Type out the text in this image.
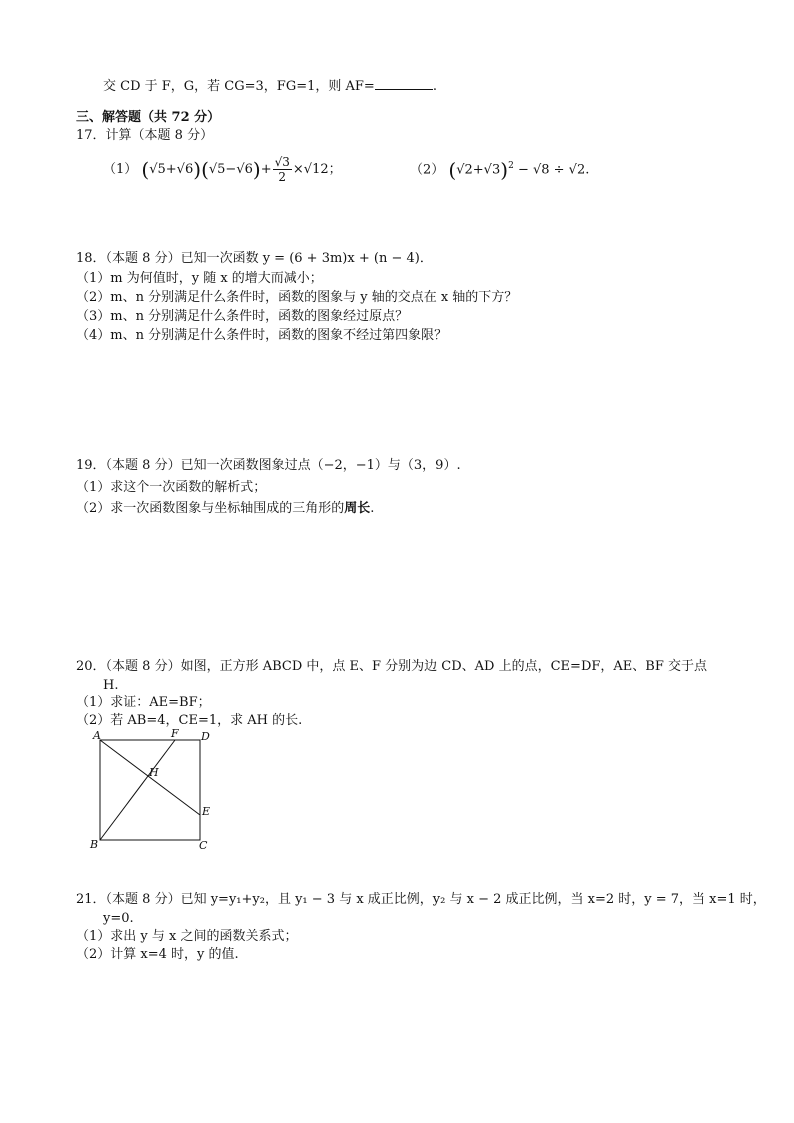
交 CD 于 F，G，若 CG=3，FG=1，则 AF=	.
三、解答题（共 72 分）
17．计算（本题 8 分）
（1） $(√5+√6)(√5-√6)+ \frac{√3}{2} \times√12$；	（2） $(√2+√3)^2 - √8 \div √2$.
18．（本题 8 分）已知一次函数 y = (6 + 3m)x + (n − 4)．
（1）m 为何值时，y 随 x 的增大而减小；
（2）m、n 分别满足什么条件时，函数的图象与 y 轴的交点在 x 轴的下方？
（3）m、n 分别满足什么条件时，函数的图象经过原点？
（4）m、n 分别满足什么条件时，函数的图象不经过第四象限？
19．（本题 8 分）已知一次函数图象过点（−2，−1）与（3，9）.
（1）求这个一次函数的解析式；
（2）求一次函数图象与坐标轴围成的三角形的周长.
20．（本题 8 分）如图，正方形 ABCD 中，点 E、F 分别为边 CD、AD 上的点，CE=DF，AE、BF 交于点
H.
（1）求证：AE=BF；
（2）若 AB=4，CE=1，求 AH 的长.
A	F D
H
E
B	C
21．（本题 8 分）已知 y=y₁+y₂，且 y₁ − 3 与 x 成正比例，y₂ 与 x − 2 成正比例，当 x=2 时，y = 7，当 x=1 时，
y=0.
（1）求出 y 与 x 之间的函数关系式；
（2）计算 x=4 时，y 的值.
